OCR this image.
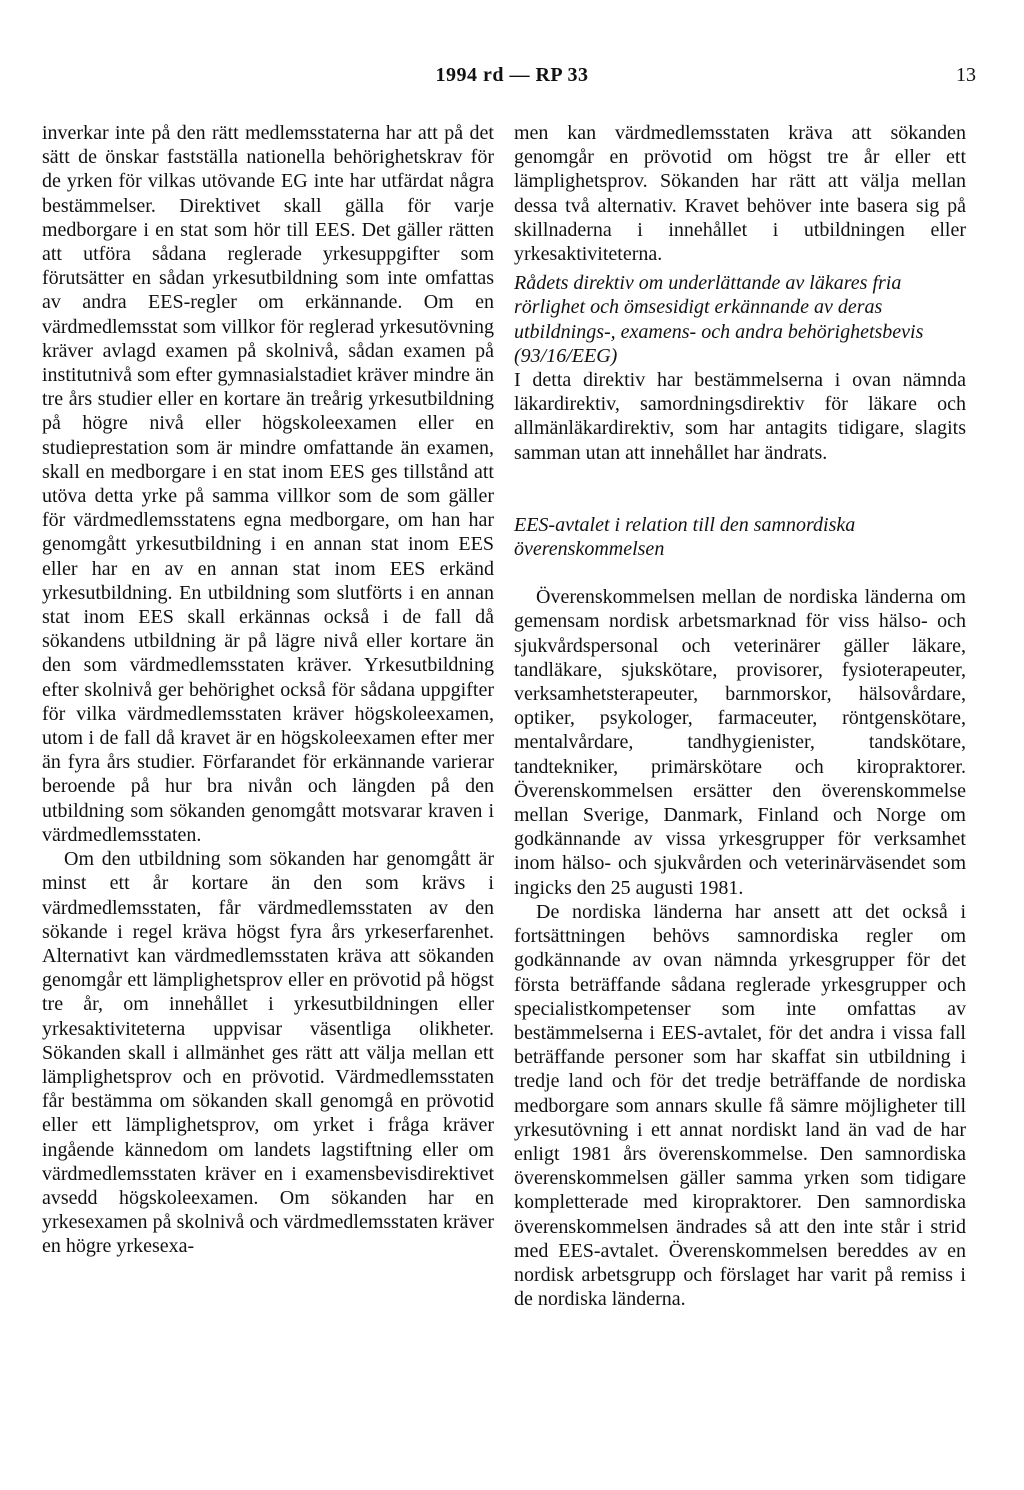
1994 rd — RP 33	13

inverkar inte på den rätt medlemsstaterna har att på det sätt de önskar fastställa nationella behörighetskrav för de yrken för vilkas utövande EG inte har utfärdat några bestämmelser. Direktivet skall gälla för varje medborgare i en stat som hör till EES. Det gäller rätten att utföra sådana reglerade yrkesuppgifter som förutsätter en sådan yrkesutbildning som inte omfattas av andra EES-regler om erkännande. Om en värdmedlemsstat som villkor för reglerad yrkesutövning kräver avlagd examen på skolnivå, sådan examen på institutnivå som efter gymnasialstadiet kräver mindre än tre års studier eller en kortare än treårig yrkesutbildning på högre nivå eller högskoleexamen eller en studieprestation som är mindre omfattande än examen, skall en medborgare i en stat inom EES ges tillstånd att utöva detta yrke på samma villkor som de som gäller för värdmedlemsstatens egna medborgare, om han har genomgått yrkesutbildning i en annan stat inom EES eller har en av en annan stat inom EES erkänd yrkesutbildning. En utbildning som slutförts i en annan stat inom EES skall erkännas också i de fall då sökandens utbildning är på lägre nivå eller kortare än den som värdmedlemsstaten kräver. Yrkesutbildning efter skolnivå ger behörighet också för sådana uppgifter för vilka värdmedlemsstaten kräver högskoleexamen, utom i de fall då kravet är en högskoleexamen efter mer än fyra års studier. Förfarandet för erkännande varierar beroende på hur bra nivån och längden på den utbildning som sökanden genomgått motsvarar kraven i värdmedlemsstaten.

Om den utbildning som sökanden har genomgått är minst ett år kortare än den som krävs i värdmedlemsstaten, får värdmedlemsstaten av den sökande i regel kräva högst fyra års yrkeserfarenhet. Alternativt kan värdmedlemsstaten kräva att sökanden genomgår ett lämplighetsprov eller en prövotid på högst tre år, om innehållet i yrkesutbildningen eller yrkesaktiviteterna uppvisar väsentliga olikheter. Sökanden skall i allmänhet ges rätt att välja mellan ett lämplighetsprov och en prövotid. Värdmedlemsstaten får bestämma om sökanden skall genomgå en prövotid eller ett lämplighetsprov, om yrket i fråga kräver ingående kännedom om landets lagstiftning eller om värdmedlemsstaten kräver en i examensbevisdirektivet avsedd högskoleexamen. Om sökanden har en yrkesexamen på skolnivå och värdmedlemsstaten kräver en högre yrkesexa-

men kan värdmedlemsstaten kräva att sökanden genomgår en prövotid om högst tre år eller ett lämplighetsprov. Sökanden har rätt att välja mellan dessa två alternativ. Kravet behöver inte basera sig på skillnaderna i innehållet i utbildningen eller yrkesaktiviteterna.

Rådets direktiv om underlättande av läkares fria rörlighet och ömsesidigt erkännande av deras utbildnings-, examens- och andra behörighetsbevis (93/16/EEG)

I detta direktiv har bestämmelserna i ovan nämnda läkardirektiv, samordningsdirektiv för läkare och allmänläkardirektiv, som har antagits tidigare, slagits samman utan att innehållet har ändrats.

EES-avtalet i relation till den samnordiska överenskommelsen

Överenskommelsen mellan de nordiska länderna om gemensam nordisk arbetsmarknad för viss hälso- och sjukvårdspersonal och veterinärer gäller läkare, tandläkare, sjukskötare, provisorer, fysioterapeuter, verksamhetsterapeuter, barnmorskor, hälsovårdare, optiker, psykologer, farmaceuter, röntgenskötare, mentalvårdare, tandhygienister, tandskötare, tandtekniker, primärskötare och kiropraktorer. Överenskommelsen ersätter den överenskommelse mellan Sverige, Danmark, Finland och Norge om godkännande av vissa yrkesgrupper för verksamhet inom hälso- och sjukvården och veterinärväsendet som ingicks den 25 augusti 1981.

De nordiska länderna har ansett att det också i fortsättningen behövs samnordiska regler om godkännande av ovan nämnda yrkesgrupper för det första beträffande sådana reglerade yrkesgrupper och specialistkompetenser som inte omfattas av bestämmelserna i EES-avtalet, för det andra i vissa fall beträffande personer som har skaffat sin utbildning i tredje land och för det tredje beträffande de nordiska medborgare som annars skulle få sämre möjligheter till yrkesutövning i ett annat nordiskt land än vad de har enligt 1981 års överenskommelse. Den samnordiska överenskommelsen gäller samma yrken som tidigare kompletterade med kiropraktorer. Den samnordiska överenskommelsen ändrades så att den inte står i strid med EES-avtalet. Överenskommelsen bereddes av en nordisk arbetsgrupp och förslaget har varit på remiss i de nordiska länderna.
